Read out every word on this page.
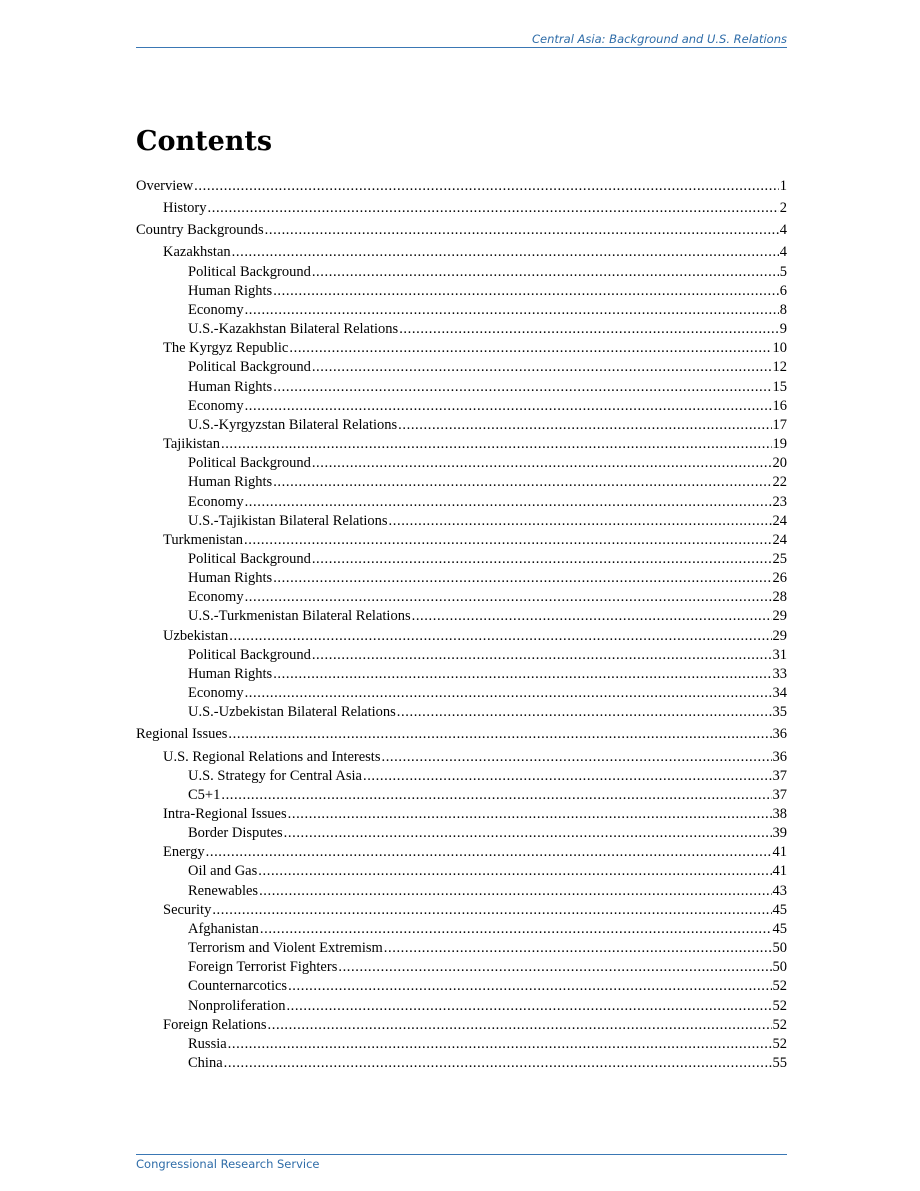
Central Asia: Background and U.S. Relations
Contents
Overview .....	1
History .....	2
Country Backgrounds .....	4
Kazakhstan .....	4
Political Background .....	5
Human Rights .....	6
Economy .....	8
U.S.-Kazakhstan Bilateral Relations .....	9
The Kyrgyz Republic .....	10
Political Background .....	12
Human Rights .....	15
Economy .....	16
U.S.-Kyrgyzstan Bilateral Relations .....	17
Tajikistan .....	19
Political Background .....	20
Human Rights .....	22
Economy .....	23
U.S.-Tajikistan Bilateral Relations .....	24
Turkmenistan .....	24
Political Background .....	25
Human Rights .....	26
Economy .....	28
U.S.-Turkmenistan Bilateral Relations .....	29
Uzbekistan .....	29
Political Background .....	31
Human Rights .....	33
Economy .....	34
U.S.-Uzbekistan Bilateral Relations .....	35
Regional Issues .....	36
U.S. Regional Relations and Interests .....	36
U.S. Strategy for Central Asia .....	37
C5+1 .....	37
Intra-Regional Issues .....	38
Border Disputes .....	39
Energy .....	41
Oil and Gas .....	41
Renewables .....	43
Security .....	45
Afghanistan .....	45
Terrorism and Violent Extremism .....	50
Foreign Terrorist Fighters .....	50
Counternarcotics .....	52
Nonproliferation .....	52
Foreign Relations .....	52
Russia .....	52
China .....	55
Congressional Research Service
